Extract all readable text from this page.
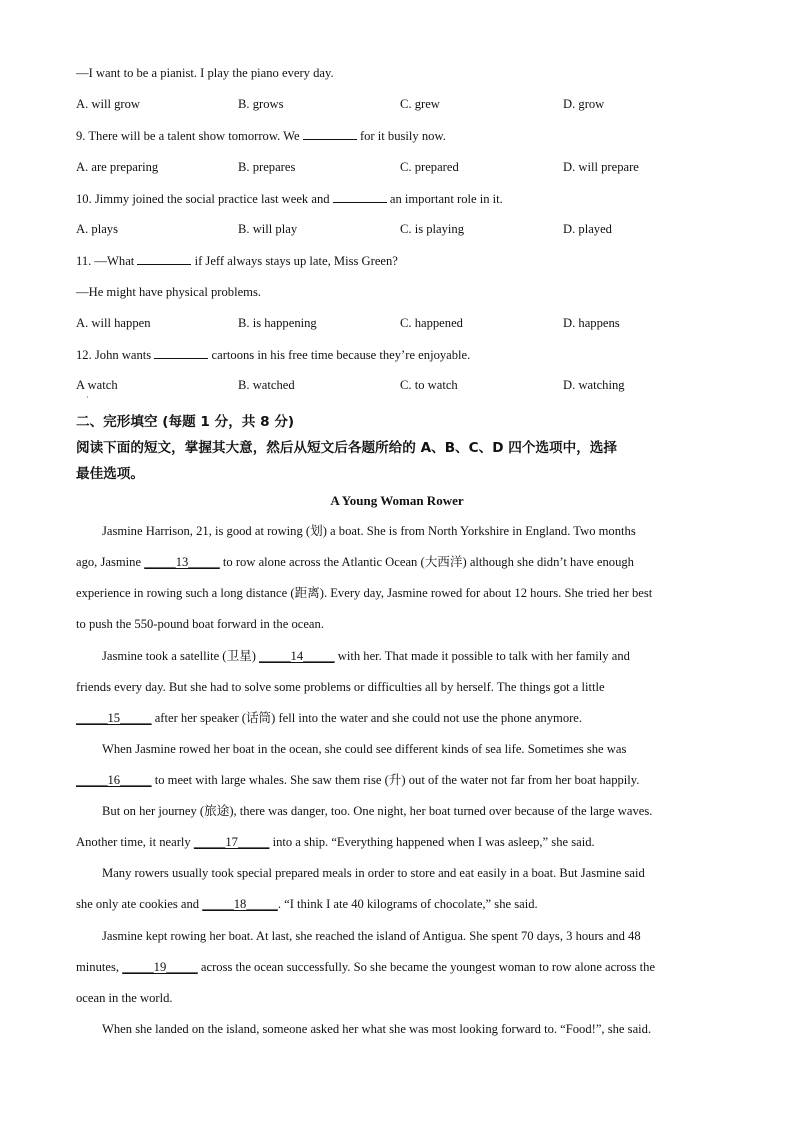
—I want to be a pianist. I play the piano every day.
A. will grow	B. grows	C. grew	D. grow
9. There will be a talent show tomorrow. We	for it busily now.
A. are preparing	B. prepares	C. prepared	D. will prepare
10. Jimmy joined the social practice last week and	an important role in it.
A. plays	B. will play	C. is playing	D. played
11. —What	if Jeff always stays up late, Miss Green?
—He might have physical problems.
A. will happen	B. is happening	C. happened	D. happens
12. John wants	cartoons in his free time because they’re enjoyable.
A watch	B. watched	C. to watch	D. watching
·
二、完形填空 (每题 1 分，共 8 分)
阅读下面的短文，掌握其大意，然后从短文后各题所给的 A、B、C、D 四个选项中，选择
最佳选项。
A Young Woman Rower
Jasmine Harrison, 21, is good at rowing (划) a boat. She is from North Yorkshire in England. Two months
ago, Jasmine _____13_____ to row alone across the Atlantic Ocean (大西洋) although she didn’t have enough
experience in rowing such a long distance (距离). Every day, Jasmine rowed for about 12 hours. She tried her best
to push the 550-pound boat forward in the ocean.
Jasmine took a satellite (卫星) _____14_____ with her. That made it possible to talk with her family and
friends every day. But she had to solve some problems or difficulties all by herself. The things got a little
_____15_____ after her speaker (话筒) fell into the water and she could not use the phone anymore.
When Jasmine rowed her boat in the ocean, she could see different kinds of sea life. Sometimes she was
_____16_____ to meet with large whales. She saw them rise (升) out of the water not far from her boat happily.
But on her journey (旅途), there was danger, too. One night, her boat turned over because of the large waves.
Another time, it nearly _____17_____ into a ship. “Everything happened when I was asleep,” she said.
Many rowers usually took special prepared meals in order to store and eat easily in a boat. But Jasmine said
she only ate cookies and _____18_____. “I think I ate 40 kilograms of chocolate,” she said.
Jasmine kept rowing her boat. At last, she reached the island of Antigua. She spent 70 days, 3 hours and 48
minutes, _____19_____ across the ocean successfully. So she became the youngest woman to row alone across the
ocean in the world.
When she landed on the island, someone asked her what she was most looking forward to. “Food!”, she said.
